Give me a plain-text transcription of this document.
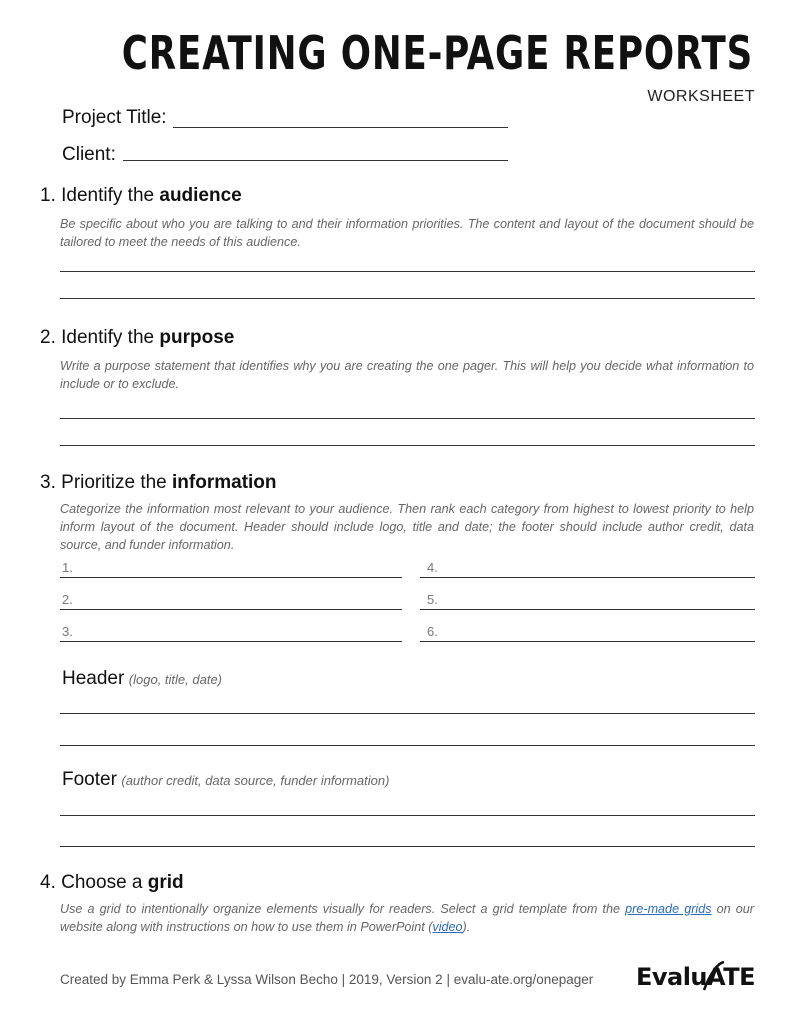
CREATING ONE-PAGE REPORTS
WORKSHEET
Project Title:
Client:
1. Identify the audience
Be specific about who you are talking to and their information priorities. The content and layout of the document should be tailored to meet the needs of this audience.
2. Identify the purpose
Write a purpose statement that identifies why you are creating the one pager. This will help you decide what information to include or to exclude.
3. Prioritize the information
Categorize the information most relevant to your audience. Then rank each category from highest to lowest priority to help inform layout of the document. Header should include logo, title and date; the footer should include author credit, data source, and funder information.
1.
2.
3.
4.
5.
6.
Header (logo, title, date)
Footer (author credit, data source, funder information)
4. Choose a grid
Use a grid to intentionally organize elements visually for readers. Select a grid template from the pre-made grids on our website along with instructions on how to use them in PowerPoint (video).
Created by Emma Perk & Lyssa Wilson Becho | 2019, Version 2 | evalu-ate.org/onepager EvaluATE
